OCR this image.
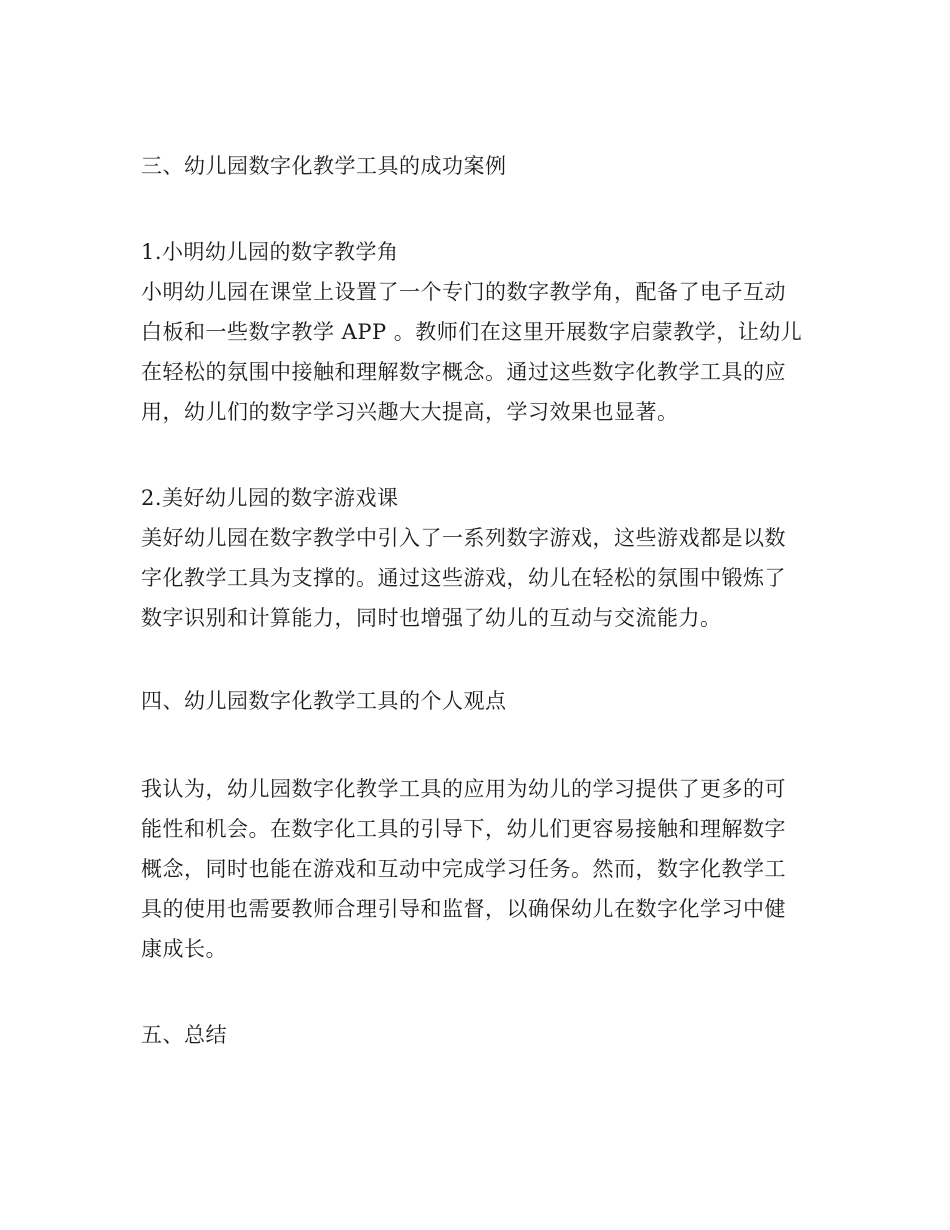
三、幼儿园数字化教学工具的成功案例
1.小明幼儿园的数字教学角
小明幼儿园在课堂上设置了一个专门的数字教学角，配备了电子互动
白板和一些数字教学 APP 。教师们在这里开展数字启蒙教学，让幼儿
在轻松的氛围中接触和理解数字概念。通过这些数字化教学工具的应
用，幼儿们的数字学习兴趣大大提高，学习效果也显著。
2.美好幼儿园的数字游戏课
美好幼儿园在数字教学中引入了一系列数字游戏，这些游戏都是以数
字化教学工具为支撑的。通过这些游戏，幼儿在轻松的氛围中锻炼了
数字识别和计算能力，同时也增强了幼儿的互动与交流能力。
四、幼儿园数字化教学工具的个人观点
我认为，幼儿园数字化教学工具的应用为幼儿的学习提供了更多的可
能性和机会。在数字化工具的引导下，幼儿们更容易接触和理解数字
概念，同时也能在游戏和互动中完成学习任务。然而，数字化教学工
具的使用也需要教师合理引导和监督，以确保幼儿在数字化学习中健
康成长。
五、总结
